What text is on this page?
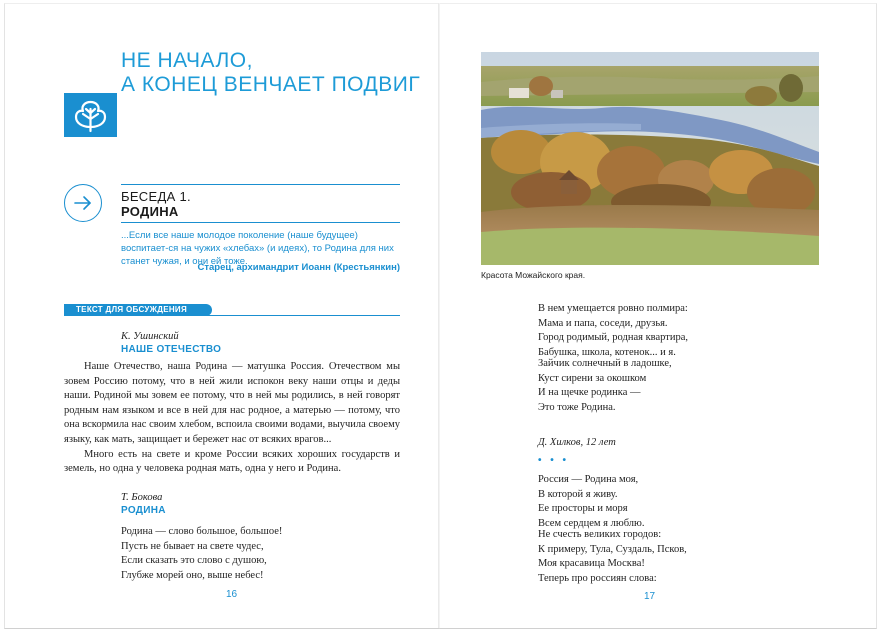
НЕ НАЧАЛО,
А КОНЕЦ ВЕНЧАЕТ ПОДВИГ
БЕСЕДА 1.
РОДИНА
...Если все наше молодое поколение (наше будущее) воспитает-ся на чужих «хлебах» (и идеях), то Родина для них станет чужая, и они ей тоже.
Старец, архимандрит Иоанн (Крестьянкин)
ТЕКСТ ДЛЯ ОБСУЖДЕНИЯ
К. Ушинский
НАШЕ ОТЕЧЕСТВО

Наше Отечество, наша Родина — матушка Россия. Отечеством мы зовем Россию потому, что в ней жили испокон веку наши отцы и деды наши. Родиной мы зовем ее потому, что в ней мы родились, в ней говорят родным нам языком и все в ней для нас родное, а матерью — потому, что она вскормила нас своим хлебом, вспоила своими водами, выучила своему языку, как мать, защищает и бережет нас от всяких врагов...

Много есть на свете и кроме России всяких хороших государств и земель, но одна у человека родная мать, одна у него и Родина.

Т. Бокова
РОДИНА
Родина — слово большое, большое!
Пусть не бывает на свете чудес,
Если сказать это слово с душою,
Глубже морей оно, выше небес!
16
Красота Можайского края.
В нем умещается ровно полмира:
Мама и папа, соседи, друзья.
Город родимый, родная квартира,
Бабушка, школа, котенок... и я.
Зайчик солнечный в ладошке,
Куст сирени за окошком
И на щечке родинка —
Это тоже Родина.
Д. Хилков, 12 лет
• • •
Россия — Родина моя,
В которой я живу.
Ее просторы и моря
Всем сердцем я люблю.
Не счесть великих городов:
К примеру, Тула, Суздаль, Псков,
Моя красавица Москва!
Теперь про россиян слова:
17
